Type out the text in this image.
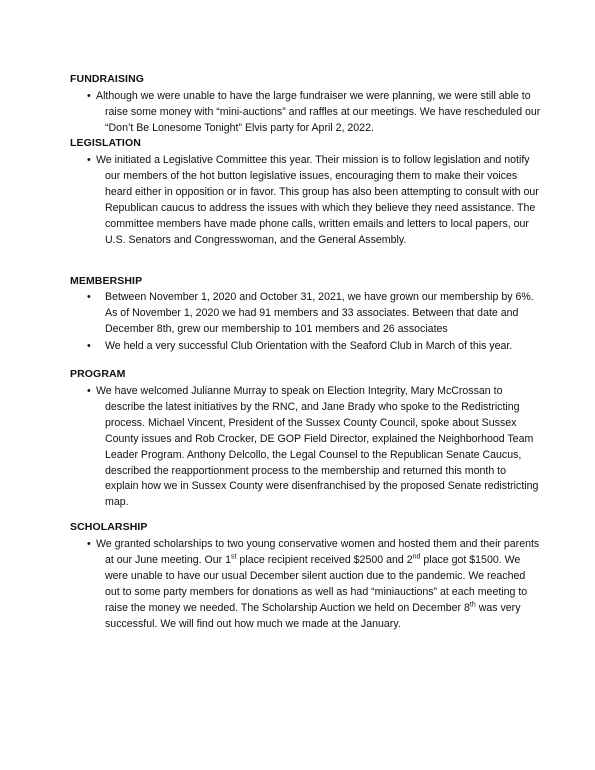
FUNDRAISING
• Although we were unable to have the large fundraiser we were planning, we were still able to raise some money with “mini-auctions” and raffles at our meetings. We have rescheduled our “Don’t Be Lonesome Tonight” Elvis party for April 2, 2022.
LEGISLATION
• We initiated a Legislative Committee this year. Their mission is to follow legislation and notify our members of the hot button legislative issues, encouraging them to make their voices heard either in opposition or in favor. This group has also been attempting to consult with our Republican caucus to address the issues with which they believe they need assistance. The committee members have made phone calls, written emails and letters to local papers, our U.S. Senators and Congresswoman, and the General Assembly.
MEMBERSHIP
• Between November 1, 2020 and October 31, 2021, we have grown our membership by 6%. As of November 1, 2020 we had 91 members and 33 associates. Between that date and December 8th, grew our membership to 101 members and 26 associates
• We held a very successful Club Orientation with the Seaford Club in March of this year.
PROGRAM
• We have welcomed Julianne Murray to speak on Election Integrity, Mary McCrossan to describe the latest initiatives by the RNC, and Jane Brady who spoke to the Redistricting process. Michael Vincent, President of the Sussex County Council, spoke about Sussex County issues and Rob Crocker, DE GOP Field Director, explained the Neighborhood Team Leader Program. Anthony Delcollo, the Legal Counsel to the Republican Senate Caucus, described the reapportionment process to the membership and returned this month to explain how we in Sussex County were disenfranchised by the proposed Senate redistricting map.
SCHOLARSHIP
• We granted scholarships to two young conservative women and hosted them and their parents at our June meeting. Our 1st place recipient received $2500 and 2nd place got $1500. We were unable to have our usual December silent auction due to the pandemic. We reached out to some party members for donations as well as had “miniauctions” at each meeting to raise the money we needed. The Scholarship Auction we held on December 8th was very successful. We will find out how much we made at the January.
